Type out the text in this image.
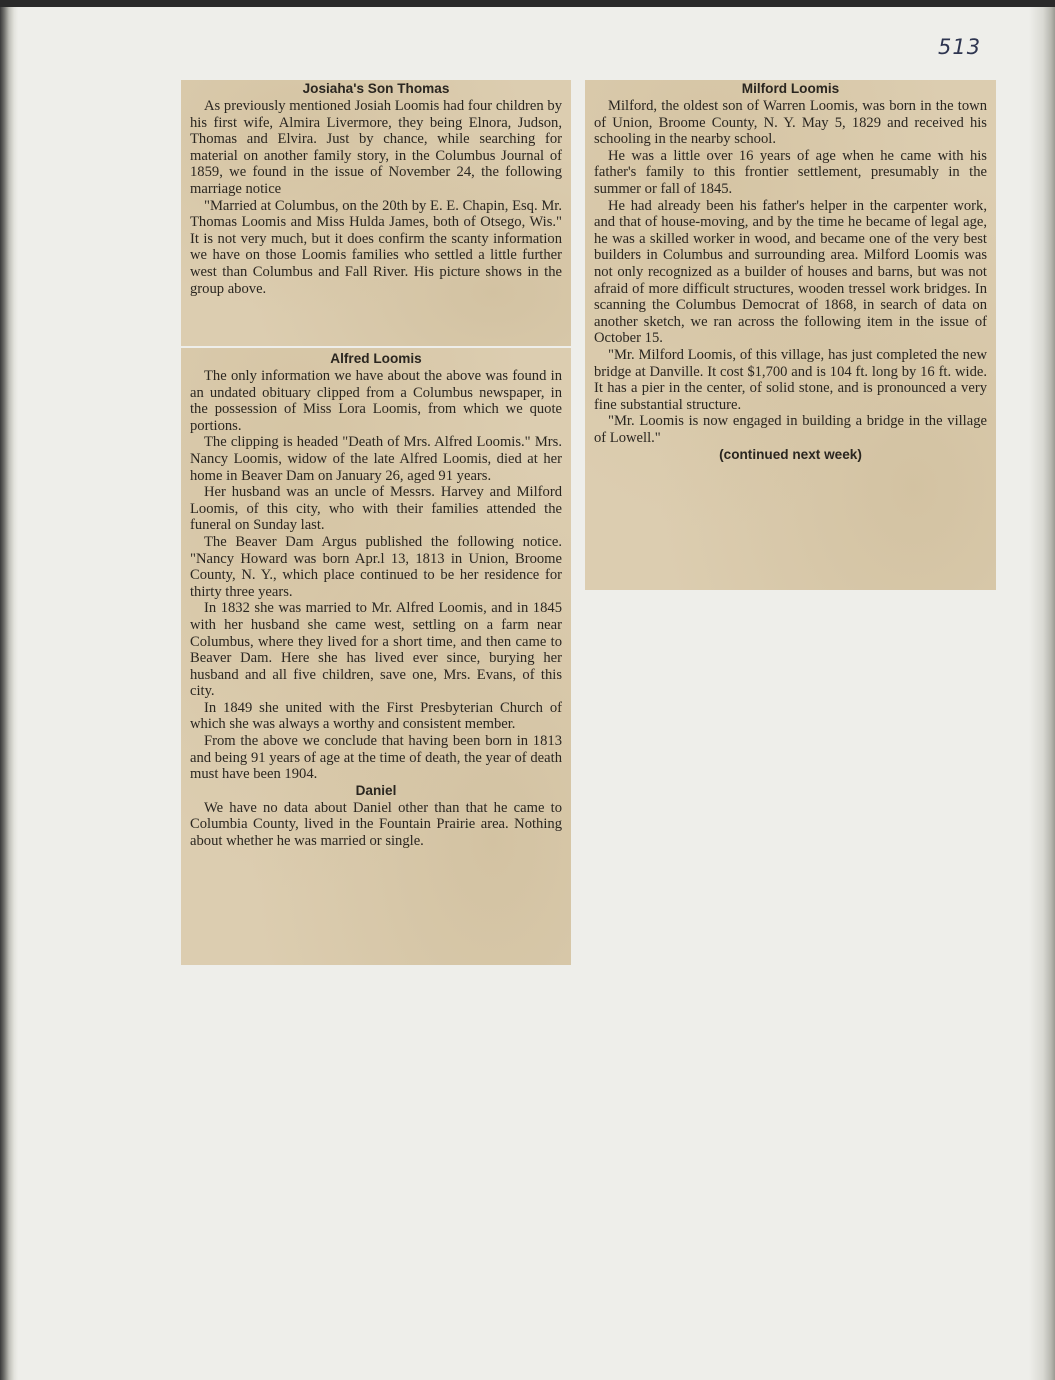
513
Josiaha's Son Thomas

As previously mentioned Josiah Loomis had four children by his first wife, Almira Livermore, they being Elnora, Judson, Thomas and Elvira. Just by chance, while searching for material on another family story, in the Columbus Journal of 1859, we found in the issue of November 24, the following marriage notice

"Married at Columbus, on the 20th by E. E. Chapin, Esq. Mr. Thomas Loomis and Miss Hulda James, both of Otsego, Wis." It is not very much, but it does confirm the scanty information we have on those Loomis families who settled a little further west than Columbus and Fall River. His picture shows in the group above.

Alfred Loomis

The only information we have about the above was found in an undated obituary clipped from a Columbus newspaper, in the possession of Miss Lora Loomis, from which we quote portions.

The clipping is headed "Death of Mrs. Alfred Loomis." Mrs. Nancy Loomis, widow of the late Alfred Loomis, died at her home in Beaver Dam on January 26, aged 91 years.

Her husband was an uncle of Messrs. Harvey and Milford Loomis, of this city, who with their families attended the funeral on Sunday last.

The Beaver Dam Argus published the following notice. "Nancy Howard was born Apr.l 13, 1813 in Union, Broome County, N. Y., which place continued to be her residence for thirty three years.

In 1832 she was married to Mr. Alfred Loomis, and in 1845 with her husband she came west, settling on a farm near Columbus, where they lived for a short time, and then came to Beaver Dam. Here she has lived ever since, burying her husband and all five children, save one, Mrs. Evans, of this city.

In 1849 she united with the First Presbyterian Church of which she was always a worthy and consistent member.

From the above we conclude that having been born in 1813 and being 91 years of age at the time of death, the year of death must have been 1904.

Daniel

We have no data about Daniel other than that he came to Columbia County, lived in the Fountain Prairie area. Nothing about whether he was married or single.

Milford Loomis

Milford, the oldest son of Warren Loomis, was born in the town of Union, Broome County, N. Y. May 5, 1829 and received his schooling in the nearby school.

He was a little over 16 years of age when he came with his father's family to this frontier settlement, presumably in the summer or fall of 1845.

He had already been his father's helper in the carpenter work, and that of house-moving, and by the time he became of legal age, he was a skilled worker in wood, and became one of the very best builders in Columbus and surrounding area. Milford Loomis was not only recognized as a builder of houses and barns, but was not afraid of more difficult structures, wooden tressel work bridges. In scanning the Columbus Democrat of 1868, in search of data on another sketch, we ran across the following item in the issue of October 15.

"Mr. Milford Loomis, of this village, has just completed the new bridge at Danville. It cost $1,700 and is 104 ft. long by 16 ft. wide. It has a pier in the center, of solid stone, and is pronounced a very fine substantial structure.

"Mr. Loomis is now engaged in building a bridge in the village of Lowell."

(continued next week)
